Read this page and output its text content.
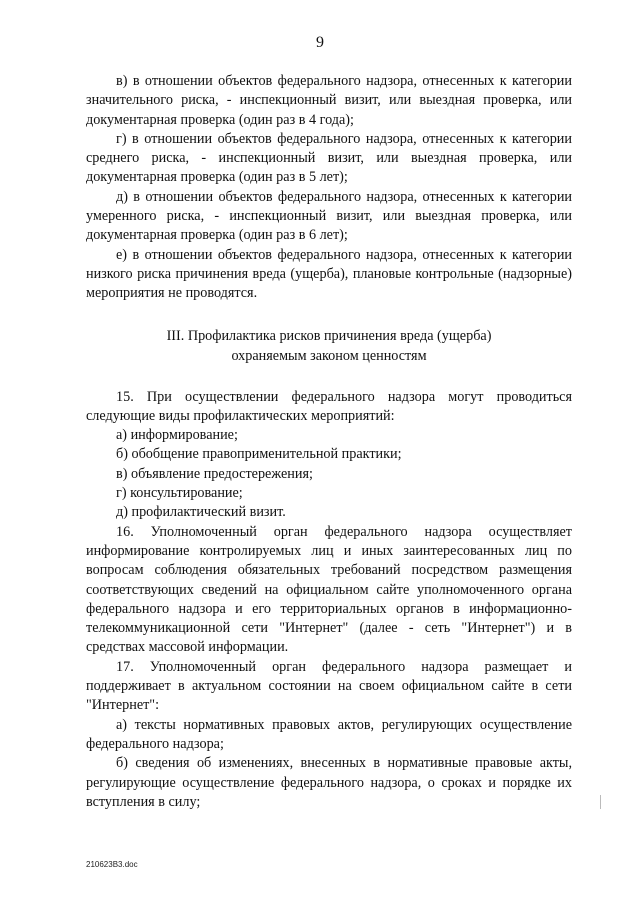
9

в) в отношении объектов федерального надзора, отнесенных к категории значительного риска, - инспекционный визит, или выездная проверка, или документарная проверка (один раз в 4 года);

г) в отношении объектов федерального надзора, отнесенных к категории среднего риска, - инспекционный визит, или выездная проверка, или документарная проверка (один раз в 5 лет);

д) в отношении объектов федерального надзора, отнесенных к категории умеренного риска, - инспекционный визит, или выездная проверка, или документарная проверка (один раз в 6 лет);

е) в отношении объектов федерального надзора, отнесенных к категории низкого риска причинения вреда (ущерба), плановые контрольные (надзорные) мероприятия не проводятся.

III. Профилактика рисков причинения вреда (ущерба)
охраняемым законом ценностям

15. При осуществлении федерального надзора могут проводиться следующие виды профилактических мероприятий:

а) информирование;

б) обобщение правоприменительной практики;

в) объявление предостережения;

г) консультирование;

д) профилактический визит.

16. Уполномоченный орган федерального надзора осуществляет информирование контролируемых лиц и иных заинтересованных лиц по вопросам соблюдения обязательных требований посредством размещения соответствующих сведений на официальном сайте уполномоченного органа федерального надзора и его территориальных органов в информационно-телекоммуникационной сети "Интернет" (далее - сеть "Интернет") и в средствах массовой информации.

17. Уполномоченный орган федерального надзора размещает и поддерживает в актуальном состоянии на своем официальном сайте в сети "Интернет":

а) тексты нормативных правовых актов, регулирующих осуществление федерального надзора;

б) сведения об изменениях, внесенных в нормативные правовые акты, регулирующие осуществление федерального надзора, о сроках и порядке их вступления в силу;

210623В3.doc
